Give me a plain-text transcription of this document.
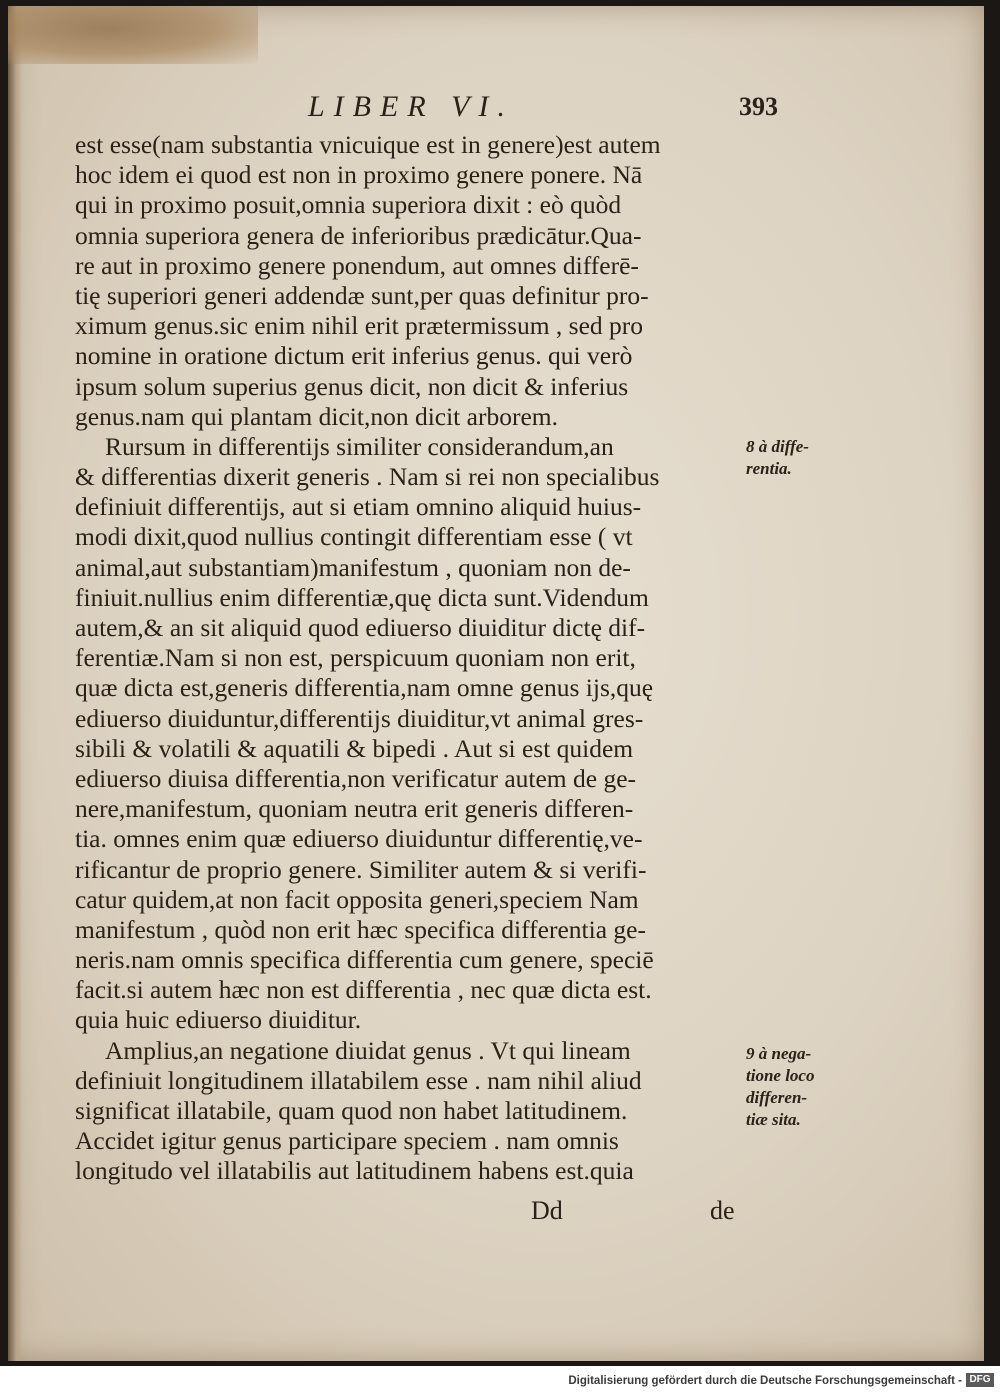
LIBER VI.	393
est esse(nam substantia vnicuique est in genere)est autem
hoc idem ei quod est non in proximo genere ponere. Nā
qui in proximo posuit,omnia superiora dixit : eò quòd
omnia superiora genera de inferioribus prædicātur.Qua-
re aut in proximo genere ponendum, aut omnes differē-
tię superiori generi addendæ sunt,per quas definitur pro-
ximum genus.sic enim nihil erit prætermissum , sed pro
nomine in oratione dictum erit inferius genus. qui verò
ipsum solum superius genus dicit, non dicit & inferius
genus.nam qui plantam dicit,non dicit arborem.
Rursum in differentijs similiter considerandum,an
& differentias dixerit generis . Nam si rei non specialibus
definiuit differentijs, aut si etiam omnino aliquid huius-
modi dixit,quod nullius contingit differentiam esse ( vt
animal,aut substantiam)manifestum , quoniam non de-
finiuit.nullius enim differentiæ,quę dicta sunt.Videndum
autem,& an sit aliquid quod ediuerso diuiditur dictę dif-
ferentiæ.Nam si non est, perspicuum quoniam non erit,
quæ dicta est,generis differentia,nam omne genus ijs,quę
ediuerso diuiduntur,differentijs diuiditur,vt animal gres-
sibili & volatili & aquatili & bipedi . Aut si est quidem
ediuerso diuisa differentia,non verificatur autem de ge-
nere,manifestum, quoniam neutra erit generis differen-
tia. omnes enim quæ ediuerso diuiduntur differentię,ve-
rificantur de proprio genere. Similiter autem & si verifi-
catur quidem,at non facit opposita generi,speciem Nam
manifestum , quòd non erit hæc specifica differentia ge-
neris.nam omnis specifica differentia cum genere, speciē
facit.si autem hæc non est differentia , nec quæ dicta est.
quia huic ediuerso diuiditur.
Amplius,an negatione diuidat genus . Vt qui lineam
definiuit longitudinem illatabilem esse . nam nihil aliud
significat illatabile, quam quod non habet latitudinem.
Accidet igitur genus participare speciem . nam omnis
longitudo vel illatabilis aut latitudinem habens est.quia
8 à diffe-
rentia.
9 à nega-
tione loco
differen-
tiæ sita.
Dd	de
Digitalisierung gefördert durch die Deutsche Forschungsgemeinschaft - DFG
